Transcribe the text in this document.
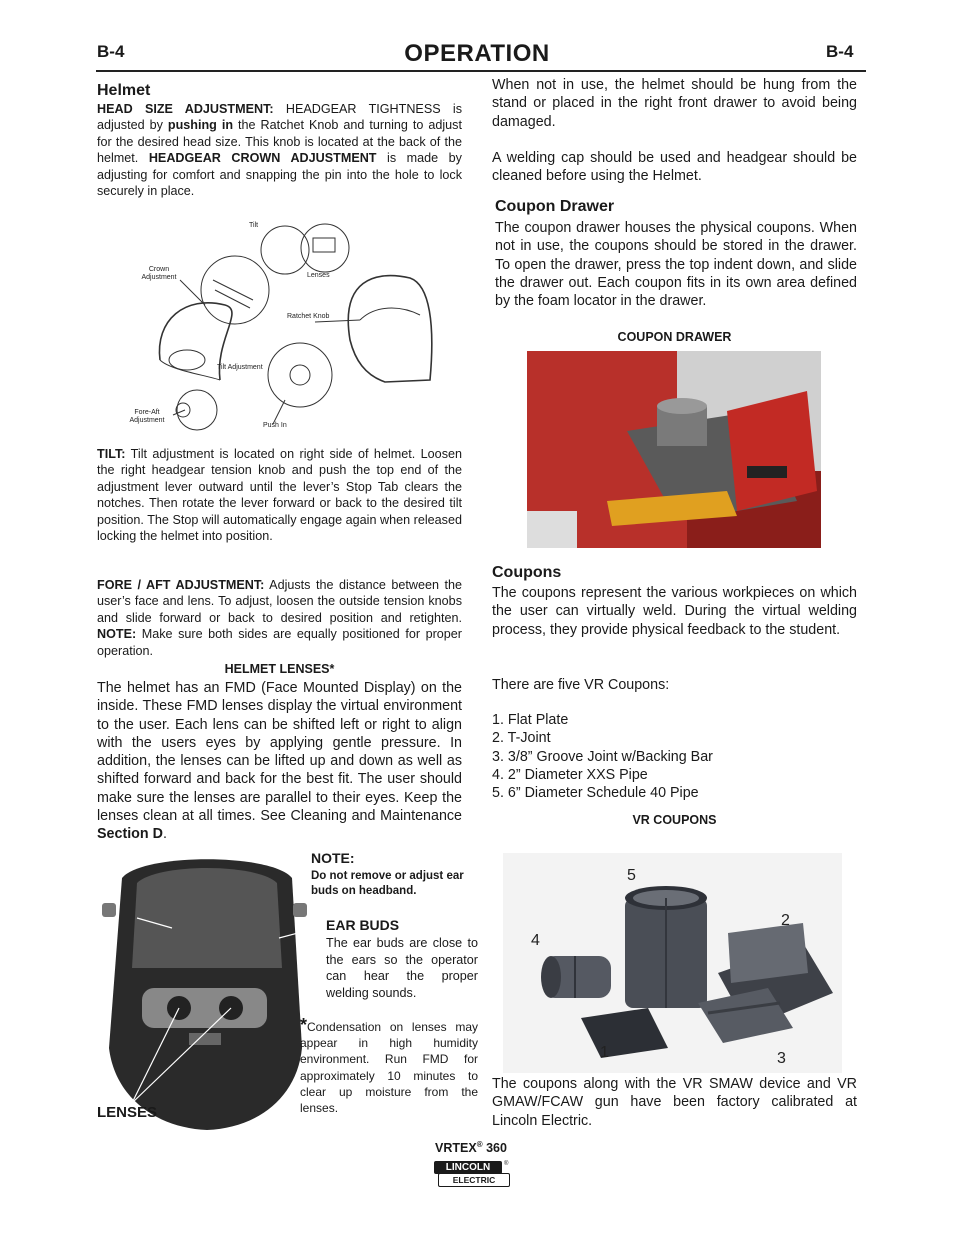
B-4	OPERATION	B-4
Helmet

HEAD SIZE ADJUSTMENT: HEADGEAR TIGHTNESS is adjusted by pushing in the Ratchet Knob and turning to adjust for the desired head size. This knob is located at the back of the helmet. HEADGEAR CROWN ADJUSTMENT is made by adjusting for comfort and snapping the pin into the hole to lock securely in place.

Tilt
Crown Adjustment	Lenses
Ratchet Knob
Tilt Adjustment
Fore-Aft Adjustment
Push In

TILT: Tilt adjustment is located on right side of helmet. Loosen the right headgear tension knob and push the top end of the adjustment lever outward until the lever’s Stop Tab clears the notches. Then rotate the lever forward or back to the desired tilt position. The Stop will automatically engage again when released locking the helmet into position.

FORE / AFT ADJUSTMENT: Adjusts the distance between the user’s face and lens. To adjust, loosen the outside tension knobs and slide forward or back to desired position and retighten. NOTE: Make sure both sides are equally positioned for proper operation.

HELMET LENSES*

The helmet has an FMD (Face Mounted Display) on the inside. These FMD lenses display the virtual environment to the user. Each lens can be shifted left or right to align with the users eyes by applying gentle pressure. In addition, the lenses can be lifted up and down as well as shifted forward and back for the best fit. The user should make sure the lenses are parallel to their eyes. Keep the lenses clean at all times. See Cleaning and Maintenance Section D.

NOTE:
Do not remove or adjust ear buds on headband.
EAR BUDS
The ear buds are close to the ears so the operator can hear the proper welding sounds.
*Condensation on lenses may appear in high humidity environment. Run FMD for approximately 10 minutes to clear up moisture from the lenses.
LENSES

When not in use, the helmet should be hung from the stand or placed in the right front drawer to avoid being damaged.

A welding cap should be used and headgear should be cleaned before using the Helmet.

Coupon Drawer

The coupon drawer houses the physical coupons. When not in use, the coupons should be stored in the drawer. To open the drawer, press the top indent down, and slide the drawer out. Each coupon fits in its own area defined by the foam locator in the drawer.

COUPON DRAWER
Coupons

The coupons represent the various workpieces on which the user can virtually weld. During the virtual welding process, they provide physical feedback to the student.

There are five VR Coupons:

1. Flat Plate
2. T-Joint
3. 3/8” Groove Joint w/Backing Bar
4. 2” Diameter XXS Pipe
5. 6” Diameter Schedule 40 Pipe
VR COUPONS
5
2
4
1	3

The coupons along with the VR SMAW device and VR GMAW/FCAW gun have been factory calibrated at Lincoln Electric.

VRTEX® 360
LINCOLN	®
ELECTRIC
